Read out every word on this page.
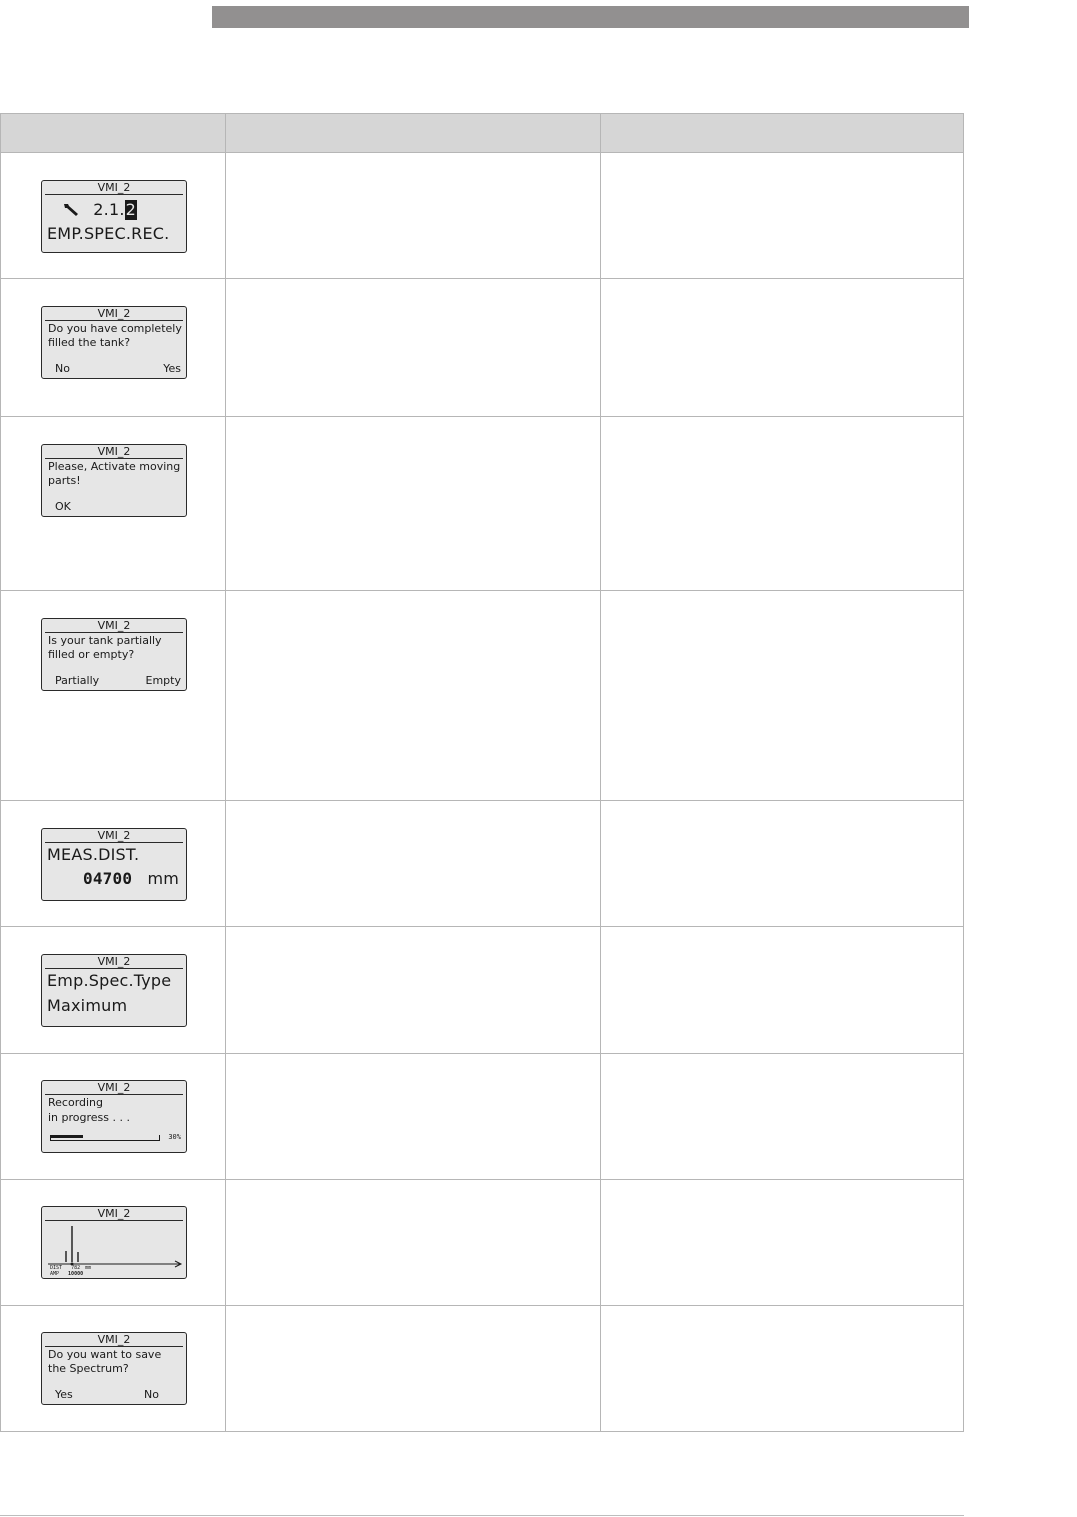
VMI_2
2.1.2
EMP.SPEC.REC.		

VMI_2
Do you have completely
filled the tank?
No Yes		

VMI_2
Please, Activate moving
parts!
OK		

VMI_2
Is your tank partially
filled or empty?
Partially Empty		

VMI_2
MEAS.DIST.
04700 mm		

VMI_2
Emp.Spec.Type
Maximum		

VMI_2
Recording
in progress . . .
30%		

VMI_2
DIST 782 mm
AMP 10000		

VMI_2
Do you want to save
the Spectrum?
Yes No		
